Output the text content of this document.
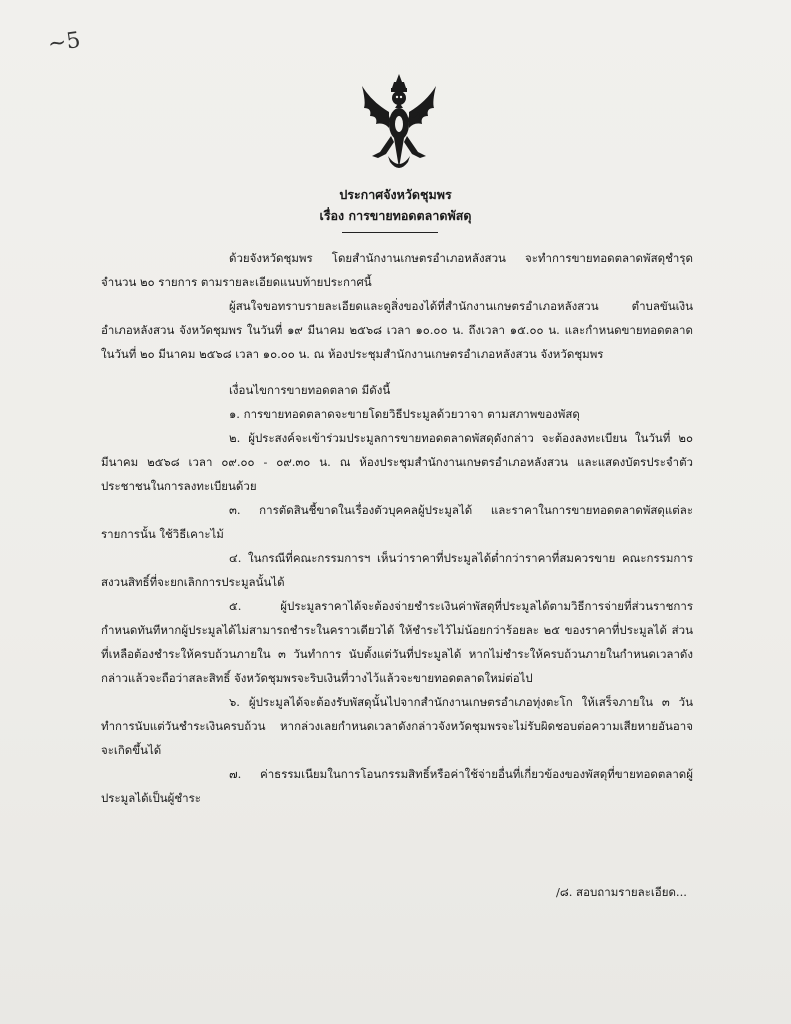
~5
ประกาศจังหวัดชุมพร
เรื่อง การขายทอดตลาดพัสดุ

ด้วยจังหวัดชุมพร โดยสำนักงานเกษตรอำเภอหลังสวน จะทำการขายทอดตลาดพัสดุชำรุด จำนวน ๒๐ รายการ ตามรายละเอียดแนบท้ายประกาศนี้

ผู้สนใจขอทราบรายละเอียดและดูสิ่งของได้ที่สำนักงานเกษตรอำเภอหลังสวน ตำบลขันเงิน อำเภอหลังสวน จังหวัดชุมพร ในวันที่ ๑๙ มีนาคม ๒๕๖๘ เวลา ๑๐.๐๐ น. ถึงเวลา ๑๕.๐๐ น. และกำหนดขายทอดตลาด ในวันที่ ๒๐ มีนาคม ๒๕๖๘ เวลา ๑๐.๐๐ น. ณ ห้องประชุมสำนักงานเกษตรอำเภอหลังสวน จังหวัดชุมพร

เงื่อนไขการขายทอดตลาด มีดังนี้

๑. การขายทอดตลาดจะขายโดยวิธีประมูลด้วยวาจา ตามสภาพของพัสดุ

๒. ผู้ประสงค์จะเข้าร่วมประมูลการขายทอดตลาดพัสดุดังกล่าว จะต้องลงทะเบียน ในวันที่ ๒๐ มีนาคม ๒๕๖๘ เวลา ๐๙.๐๐ - ๐๙.๓๐ น. ณ ห้องประชุมสำนักงานเกษตรอำเภอหลังสวน และแสดงบัตรประจำตัวประชาชนในการลงทะเบียนด้วย

๓. การตัดสินชี้ขาดในเรื่องตัวบุคคลผู้ประมูลได้ และราคาในการขายทอดตลาดพัสดุแต่ละรายการนั้น ใช้วิธีเคาะไม้

๔. ในกรณีที่คณะกรรมการฯ เห็นว่าราคาที่ประมูลได้ต่ำกว่าราคาที่สมควรขาย คณะกรรมการสงวนสิทธิ์ที่จะยกเลิกการประมูลนั้นได้

๕. ผู้ประมูลราคาได้จะต้องจ่ายชำระเงินค่าพัสดุที่ประมูลได้ตามวิธีการจ่ายที่ส่วนราชการกำหนดทันทีหากผู้ประมูลได้ไม่สามารถชำระในคราวเดียวได้ ให้ชำระไว้ไม่น้อยกว่าร้อยละ ๒๕ ของราคาที่ประมูลได้ ส่วนที่เหลือต้องชำระให้ครบถ้วนภายใน ๓ วันทำการ นับตั้งแต่วันที่ประมูลได้ หากไม่ชำระให้ครบถ้วนภายในกำหนดเวลาดังกล่าวแล้วจะถือว่าสละสิทธิ์ จังหวัดชุมพรจะริบเงินที่วางไว้แล้วจะขายทอดตลาดใหม่ต่อไป

๖. ผู้ประมูลได้จะต้องรับพัสดุนั้นไปจากสำนักงานเกษตรอำเภอทุ่งตะโก ให้เสร็จภายใน ๓ วันทำการนับแต่วันชำระเงินครบถ้วน หากล่วงเลยกำหนดเวลาดังกล่าวจังหวัดชุมพรจะไม่รับผิดชอบต่อความเสียหายอันอาจจะเกิดขึ้นได้

๗. ค่าธรรมเนียมในการโอนกรรมสิทธิ์หรือค่าใช้จ่ายอื่นที่เกี่ยวข้องของพัสดุที่ขายทอดตลาดผู้ประมูลได้เป็นผู้ชำระ

/๘. สอบถามรายละเอียด...
